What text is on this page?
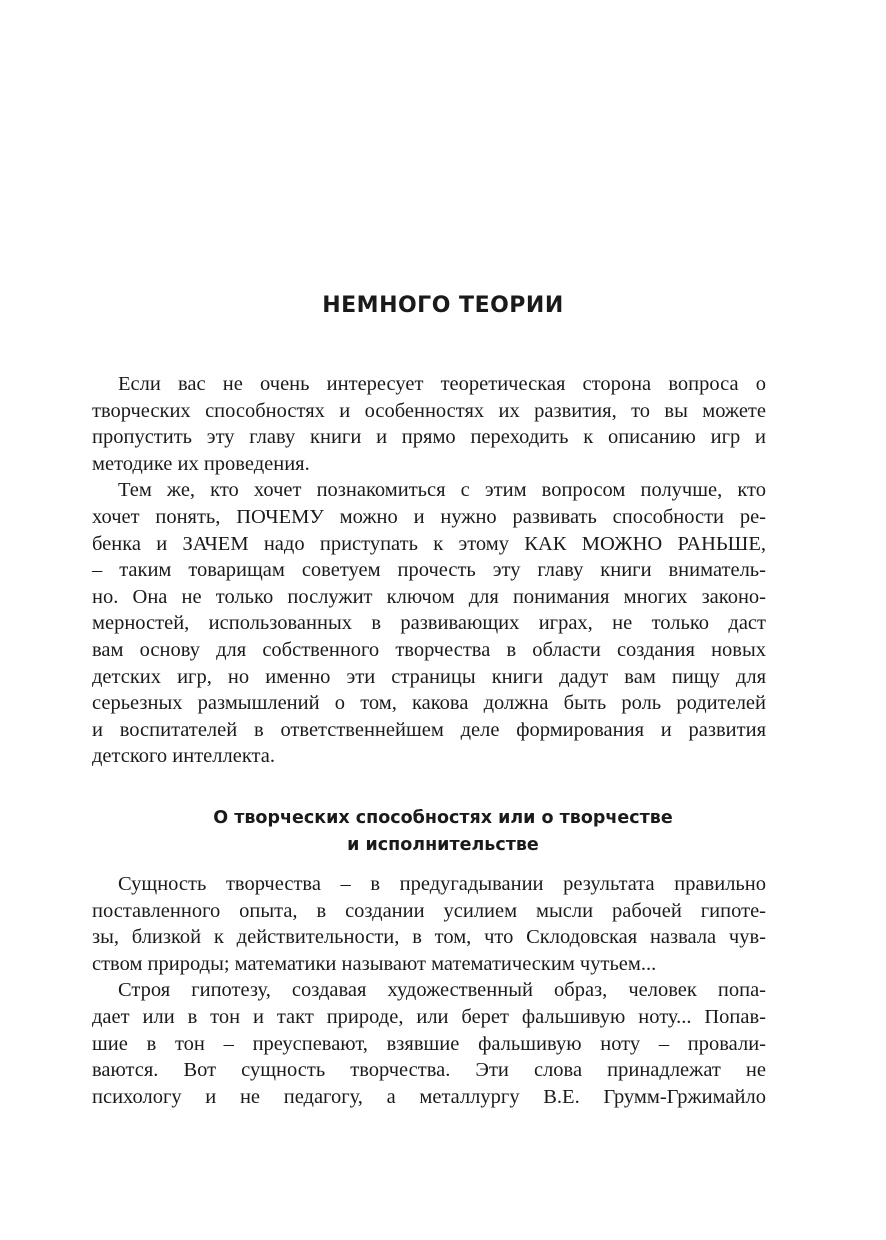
НЕМНОГО ТЕОРИИ
Если вас не очень интересует теоретическая сторона вопроса о
творческих способностях и особенностях их развития, то вы можете
пропустить эту главу книги и прямо переходить к описанию игр и
методике их проведения.
Тем же, кто хочет познакомиться с этим вопросом получше, кто
хочет понять, ПОЧЕМУ можно и нужно развивать способности ре-
бенка и ЗАЧЕМ надо приступать к этому КАК МОЖНО РАНЬШЕ,
– таким товарищам советуем прочесть эту главу книги вниматель-
но. Она не только послужит ключом для понимания многих законо-
мерностей, использованных в развивающих играх, не только даст
вам основу для собственного творчества в области создания новых
детских игр, но именно эти страницы книги дадут вам пищу для
серьезных размышлений о том, какова должна быть роль родителей
и воспитателей в ответственнейшем деле формирования и развития
детского интеллекта.
О творческих способностях или о творчестве
и исполнительстве
Сущность творчества – в предугадывании результата правильно
поставленного опыта, в создании усилием мысли рабочей гипоте-
зы, близкой к действительности, в том, что Склодовская назвала чув-
ством природы; математики называют математическим чутьем...
Строя гипотезу, создавая художественный образ, человек попа-
дает или в тон и такт природе, или берет фальшивую ноту... Попав-
шие в тон – преуспевают, взявшие фальшивую ноту – провали-
ваются. Вот сущность творчества. Эти слова принадлежат не
психологу и не педагогу, а металлургу В.Е. Грумм-Гржимайло
